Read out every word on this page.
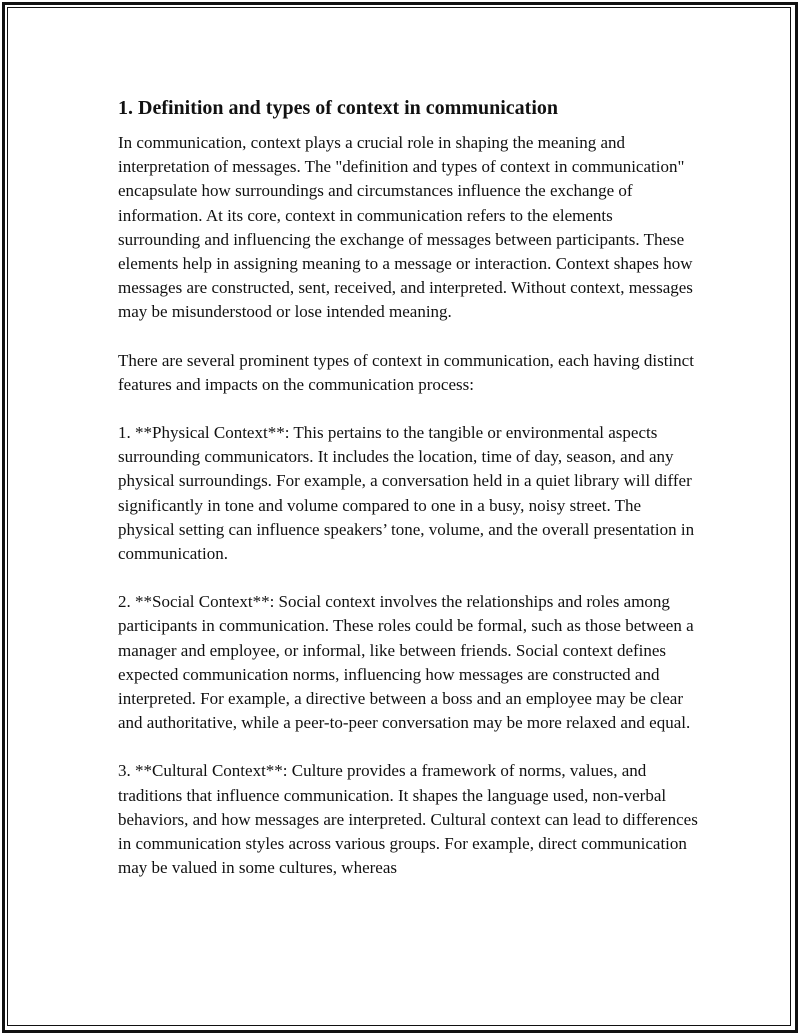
1. Definition and types of context in communication

In communication, context plays a crucial role in shaping the meaning and interpretation of messages. The "definition and types of context in communication" encapsulate how surroundings and circumstances influence the exchange of information. At its core, context in communication refers to the elements surrounding and influencing the exchange of messages between participants. These elements help in assigning meaning to a message or interaction. Context shapes how messages are constructed, sent, received, and interpreted. Without context, messages may be misunderstood or lose intended meaning.

There are several prominent types of context in communication, each having distinct features and impacts on the communication process:

1. **Physical Context**: This pertains to the tangible or environmental aspects surrounding communicators. It includes the location, time of day, season, and any physical surroundings. For example, a conversation held in a quiet library will differ significantly in tone and volume compared to one in a busy, noisy street. The physical setting can influence speakers’ tone, volume, and the overall presentation in communication.

2. **Social Context**: Social context involves the relationships and roles among participants in communication. These roles could be formal, such as those between a manager and employee, or informal, like between friends. Social context defines expected communication norms, influencing how messages are constructed and interpreted. For example, a directive between a boss and an employee may be clear and authoritative, while a peer-to-peer conversation may be more relaxed and equal.

3. **Cultural Context**: Culture provides a framework of norms, values, and traditions that influence communication. It shapes the language used, non-verbal behaviors, and how messages are interpreted. Cultural context can lead to differences in communication styles across various groups. For example, direct communication may be valued in some cultures, whereas
